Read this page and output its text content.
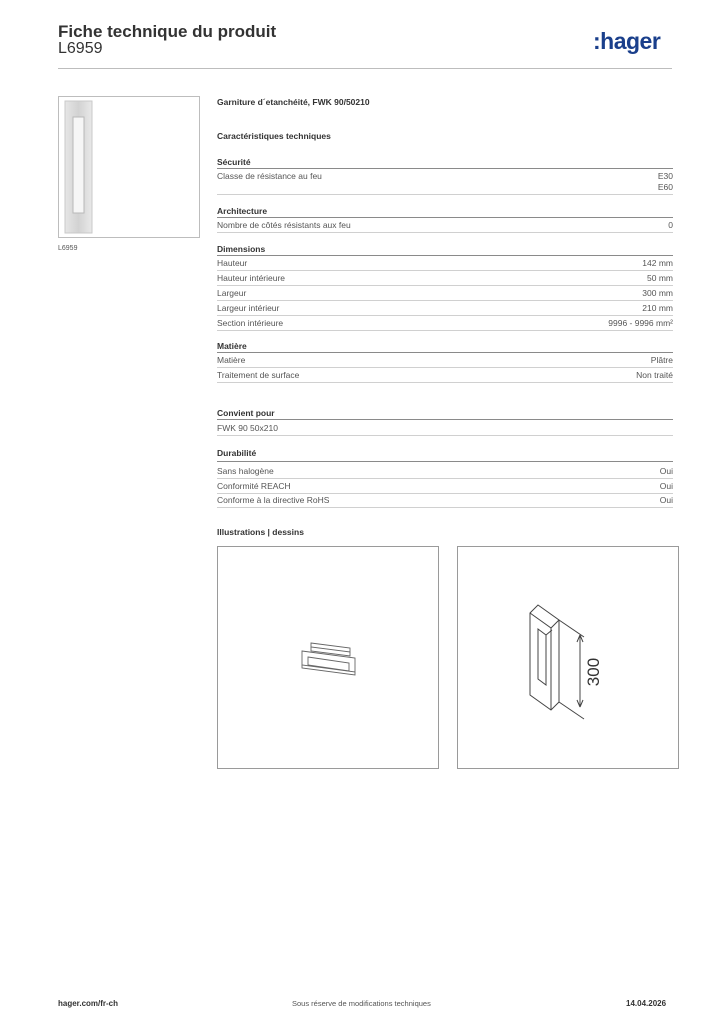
Fiche technique du produit
L6959	:hager
L6959
Garniture d´etanchéité, FWK 90/50210
Caractéristiques techniques
Sécurité
Classe de résistance au feu	E30
E60
Architecture
Nombre de côtés résistants aux feu	0
Dimensions
Hauteur	142 mm
Hauteur intérieure	50 mm
Largeur	300 mm
Largeur intérieur	210 mm
Section intérieure	9996 - 9996 mm²
Matière
Matière	Plâtre
Traitement de surface	Non traité
Convient pour
FWK 90 50x210
Durabilité
Sans halogène	Oui
Conformité REACH	Oui
Conforme à la directive RoHS	Oui
Illustrations | dessins
300
hager.com/fr-ch	Sous réserve de modifications techniques	14.04.2026
